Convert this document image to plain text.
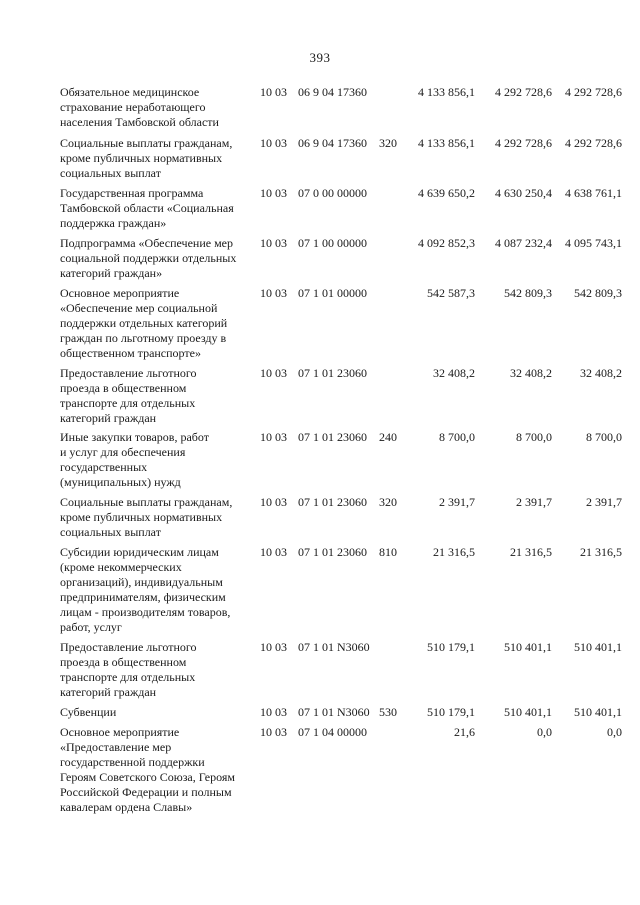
393
Обязательное медицинское
страхование неработающего
населения Тамбовской области
10 03 06 9 04 17360	4 133 856,1	4 292 728,6	4 292 728,6
Социальные выплаты гражданам,
кроме публичных нормативных
социальных выплат
10 03 06 9 04 17360 320	4 133 856,1	4 292 728,6	4 292 728,6
Государственная программа
Тамбовской области «Социальная
поддержка граждан»
10 03 07 0 00 00000	4 639 650,2	4 630 250,4	4 638 761,1
Подпрограмма «Обеспечение мер
социальной поддержки отдельных
категорий граждан»
10 03 07 1 00 00000	4 092 852,3	4 087 232,4	4 095 743,1
Основное мероприятие
«Обеспечение мер социальной
поддержки отдельных категорий
граждан по льготному проезду в
общественном транспорте»
10 03 07 1 01 00000	542 587,3	542 809,3	542 809,3
Предоставление льготного
проезда в общественном
транспорте для отдельных
категорий граждан
10 03 07 1 01 23060	32 408,2	32 408,2	32 408,2
Иные закупки товаров, работ
и услуг для обеспечения
государственных
(муниципальных) нужд
10 03 07 1 01 23060 240	8 700,0	8 700,0	8 700,0
Социальные выплаты гражданам,
кроме публичных нормативных
социальных выплат
10 03 07 1 01 23060 320	2 391,7	2 391,7	2 391,7
Субсидии юридическим лицам
(кроме некоммерческих
организаций), индивидуальным
предпринимателям, физическим
лицам - производителям товаров,
работ, услуг
10 03 07 1 01 23060 810	21 316,5	21 316,5	21 316,5
Предоставление льготного
проезда в общественном
транспорте для отдельных
категорий граждан
10 03 07 1 01 N3060	510 179,1	510 401,1	510 401,1
Субвенции	10 03 07 1 01 N3060 530	510 179,1	510 401,1	510 401,1
Основное мероприятие
«Предоставление мер
государственной поддержки
Героям Советского Союза, Героям
Российской Федерации и полным
кавалерам ордена Славы»
10 03 07 1 04 00000	21,6	0,0	0,0
